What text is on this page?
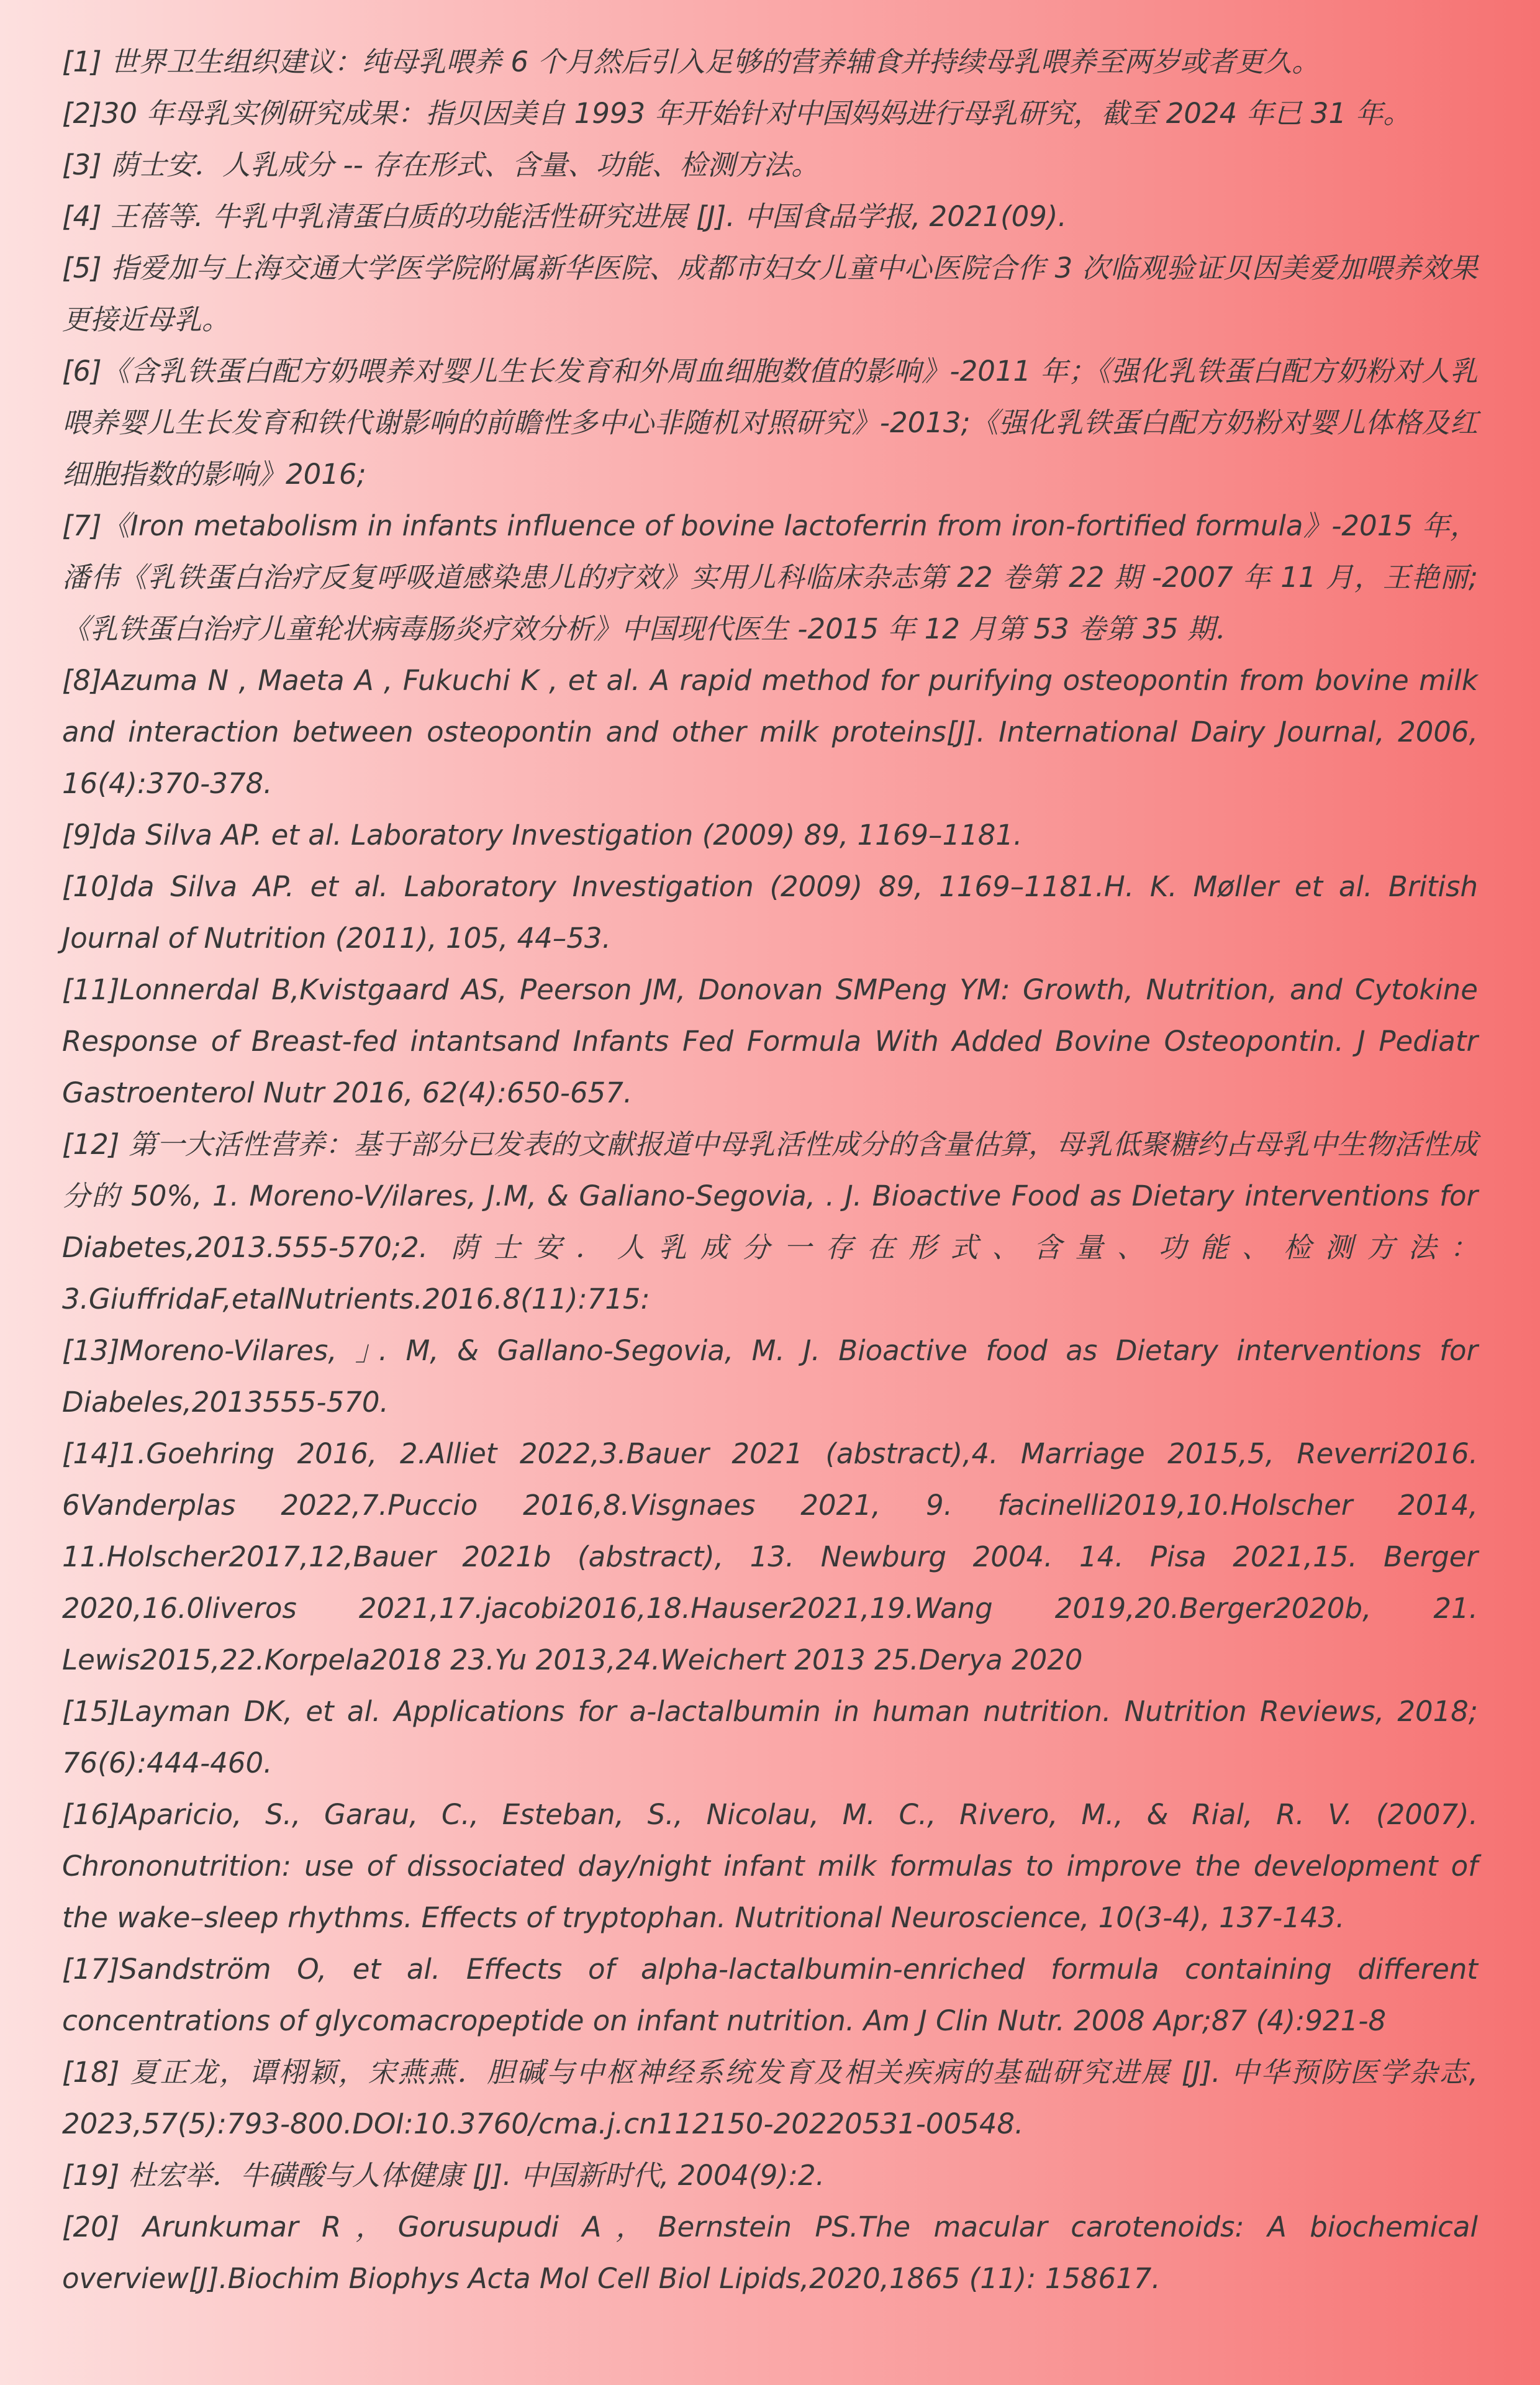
[1] 世界卫生组织建议：纯母乳喂养 6 个月然后引入足够的营养辅食并持续母乳喂养至两岁或者更久。
[2]30 年母乳实例研究成果：指贝因美自 1993 年开始针对中国妈妈进行母乳研究，截至 2024 年已 31 年。
[3] 荫士安．人乳成分 -- 存在形式、含量、功能、检测方法。
[4] 王蓓等. 牛乳中乳清蛋白质的功能活性研究进展 [J]. 中国食品学报, 2021(09).
[5] 指爱加与上海交通大学医学院附属新华医院、成都市妇女儿童中心医院合作 3 次临观验证贝因美爱加喂养效果更接近母乳。
[6]《含乳铁蛋白配方奶喂养对婴儿生长发育和外周血细胞数值的影响》-2011 年；《强化乳铁蛋白配方奶粉对人乳喂养婴儿生长发育和铁代谢影响的前瞻性多中心非随机对照研究》-2013;《强化乳铁蛋白配方奶粉对婴儿体格及红细胞指数的影响》2016;
[7]《Iron metabolism in infants influence of bovine lactoferrin from iron-fortified formula》-2015 年，潘伟《乳铁蛋白治疗反复呼吸道感染患儿的疗效》实用儿科临床杂志第 22 卷第 22 期 -2007 年 11 月，王艳丽;《乳铁蛋白治疗儿童轮状病毒肠炎疗效分析》中国现代医生 -2015 年 12 月第 53 卷第 35 期．
[8]Azuma N , Maeta A , Fukuchi K , et al. A rapid method for purifying osteopontin from bovine milk and interaction between osteopontin and other milk proteins[J]. International Dairy Journal, 2006, 16(4):370-378.
[9]da Silva AP. et al. Laboratory Investigation (2009) 89, 1169–1181.
[10]da Silva AP. et al. Laboratory Investigation (2009) 89, 1169–1181.H. K. Møller et al. British Journal of Nutrition (2011), 105, 44–53.
[11]Lonnerdal B,Kvistgaard AS, Peerson JM, Donovan SMPeng YM: Growth, Nutrition, and Cytokine Response of Breast-fed intantsand Infants Fed Formula With Added Bovine Osteopontin. J Pediatr Gastroenterol Nutr 2016, 62(4):650-657.
[12] 第一大活性营养：基于部分已发表的文献报道中母乳活性成分的含量估算，母乳低聚糖约占母乳中生物活性成分的 50%, 1. Moreno-V/ilares, J.M, & Galiano-Segovia, . J. Bioactive Food as Dietary interventions for Diabetes,2013.555-570;2. 荫士安．人乳成分一存在形式、含量、功能、检测方法：3.GiuffridaF,etalNutrients.2016.8(11):715:
[13]Moreno-Vilares, ｣. M, & Gallano-Segovia, M. J. Bioactive food as Dietary interventions for Diabeles,2013555-570.
[14]1.Goehring 2016, 2.Alliet 2022,3.Bauer 2021 (abstract),4. Marriage 2015,5, Reverri2016. 6Vanderplas 2022,7.Puccio 2016,8.Visgnaes 2021, 9. facinelli2019,10.Holscher 2014, 11.Holscher2017,12,Bauer 2021b (abstract), 13. Newburg 2004. 14. Pisa 2021,15. Berger 2020,16.0liveros 2021,17.jacobi2016,18.Hauser2021,19.Wang 2019,20.Berger2020b, 21. Lewis2015,22.Korpela2018 23.Yu 2013,24.Weichert 2013 25.Derya 2020
[15]Layman DK, et al. Applications for a-lactalbumin in human nutrition. Nutrition Reviews, 2018; 76(6):444-460.
[16]Aparicio, S., Garau, C., Esteban, S., Nicolau, M. C., Rivero, M., & Rial, R. V. (2007). Chrononutrition: use of dissociated day/night infant milk formulas to improve the development of the wake–sleep rhythms. Effects of tryptophan. Nutritional Neuroscience, 10(3-4), 137-143.
[17]Sandström O, et al. Effects of alpha-lactalbumin-enriched formula containing different concentrations of glycomacropeptide on infant nutrition. Am J Clin Nutr. 2008 Apr;87 (4):921-8
[18] 夏正龙，谭栩颖，宋燕燕．胆碱与中枢神经系统发育及相关疾病的基础研究进展 [J]. 中华预防医学杂志, 2023,57(5):793-800.DOI:10.3760/cma.j.cn112150-20220531-00548.
[19] 杜宏举．牛磺酸与人体健康 [J]. 中国新时代, 2004(9):2.
[20] Arunkumar R，Gorusupudi A，Bernstein PS.The macular carotenoids: A biochemical overview[J].Biochim Biophys Acta Mol Cell Biol Lipids,2020,1865 (11): 158617.
